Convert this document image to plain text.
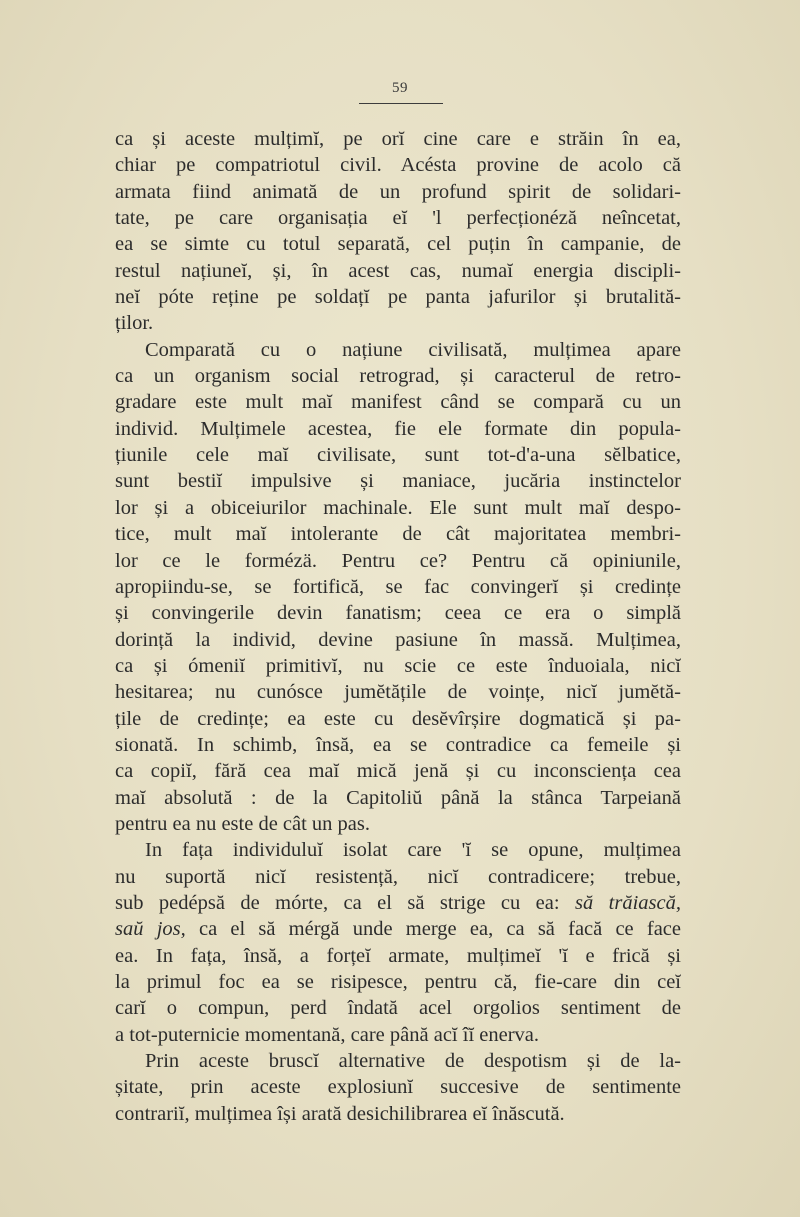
59
ca și aceste mulțimĭ, pe orĭ cine care e străin în ea,
chiar pe compatriotul civil. Acésta provine de acolo că
armata fiind animată de un profund spirit de solidari-
tate, pe care organisația eĭ 'l perfecționéză neîncetat,
ea se simte cu totul separată, cel puțin în campanie, de
restul națiuneĭ, și, în acest cas, numaĭ energia discipli-
neĭ póte reține pe soldațĭ pe panta jafurilor și brutalită-
ților.
Comparată cu o națiune civilisată, mulțimea apare
ca un organism social retrograd, și caracterul de retro-
gradare este mult maĭ manifest când se compară cu un
individ. Mulțimele acestea, fie ele formate din popula-
țiunile cele maĭ civilisate, sunt tot-d'a-una sĕlbatice,
sunt bestiĭ impulsive și maniace, jucăria instinctelor
lor și a obiceiurilor machinale. Ele sunt mult maĭ despo-
tice, mult maĭ intolerante de cât majoritatea membri-
lor ce le formézä. Pentru ce? Pentru că opiniunile,
apropiindu-se, se fortifică, se fac convingerĭ și credințe
și convingerile devin fanatism; ceea ce era o simplă
dorință la individ, devine pasiune în massă. Mulțimea,
ca și ómeniĭ primitivĭ, nu scie ce este înduoiala, nicĭ
hesitarea; nu cunósce jumĕtățile de voințe, nicĭ jumĕtă-
țile de credințe; ea este cu desĕvîrșire dogmatică și pa-
sionată. In schimb, însă, ea se contradice ca femeile și
ca copiĭ, fără cea maĭ mică jenă și cu inconsciența cea
maĭ absolută : de la Capitoliŭ până la stânca Tarpeiană
pentru ea nu este de cât un pas.
In fața individuluĭ isolat care 'ĭ se opune, mulțimea
nu suportă nicĭ resistență, nicĭ contradicere; trebue,
sub pedépsă de mórte, ca el să strige cu ea: să trăiască,
saŭ jos, ca el să mérgă unde merge ea, ca să facă ce face
ea. In fața, însă, a forțeĭ armate, mulțimeĭ 'ĭ e frică și
la primul foc ea se risipesce, pentru că, fie-care din ceĭ
carĭ o compun, perd îndată acel orgolios sentiment de
a tot-puternicie momentană, care până acĭ îĭ enerva.
Prin aceste bruscĭ alternative de despotism și de la-
șitate, prin aceste explosiunĭ succesive de sentimente
contrariĭ, mulțimea își arată desichilibrarea eĭ înăscută.
